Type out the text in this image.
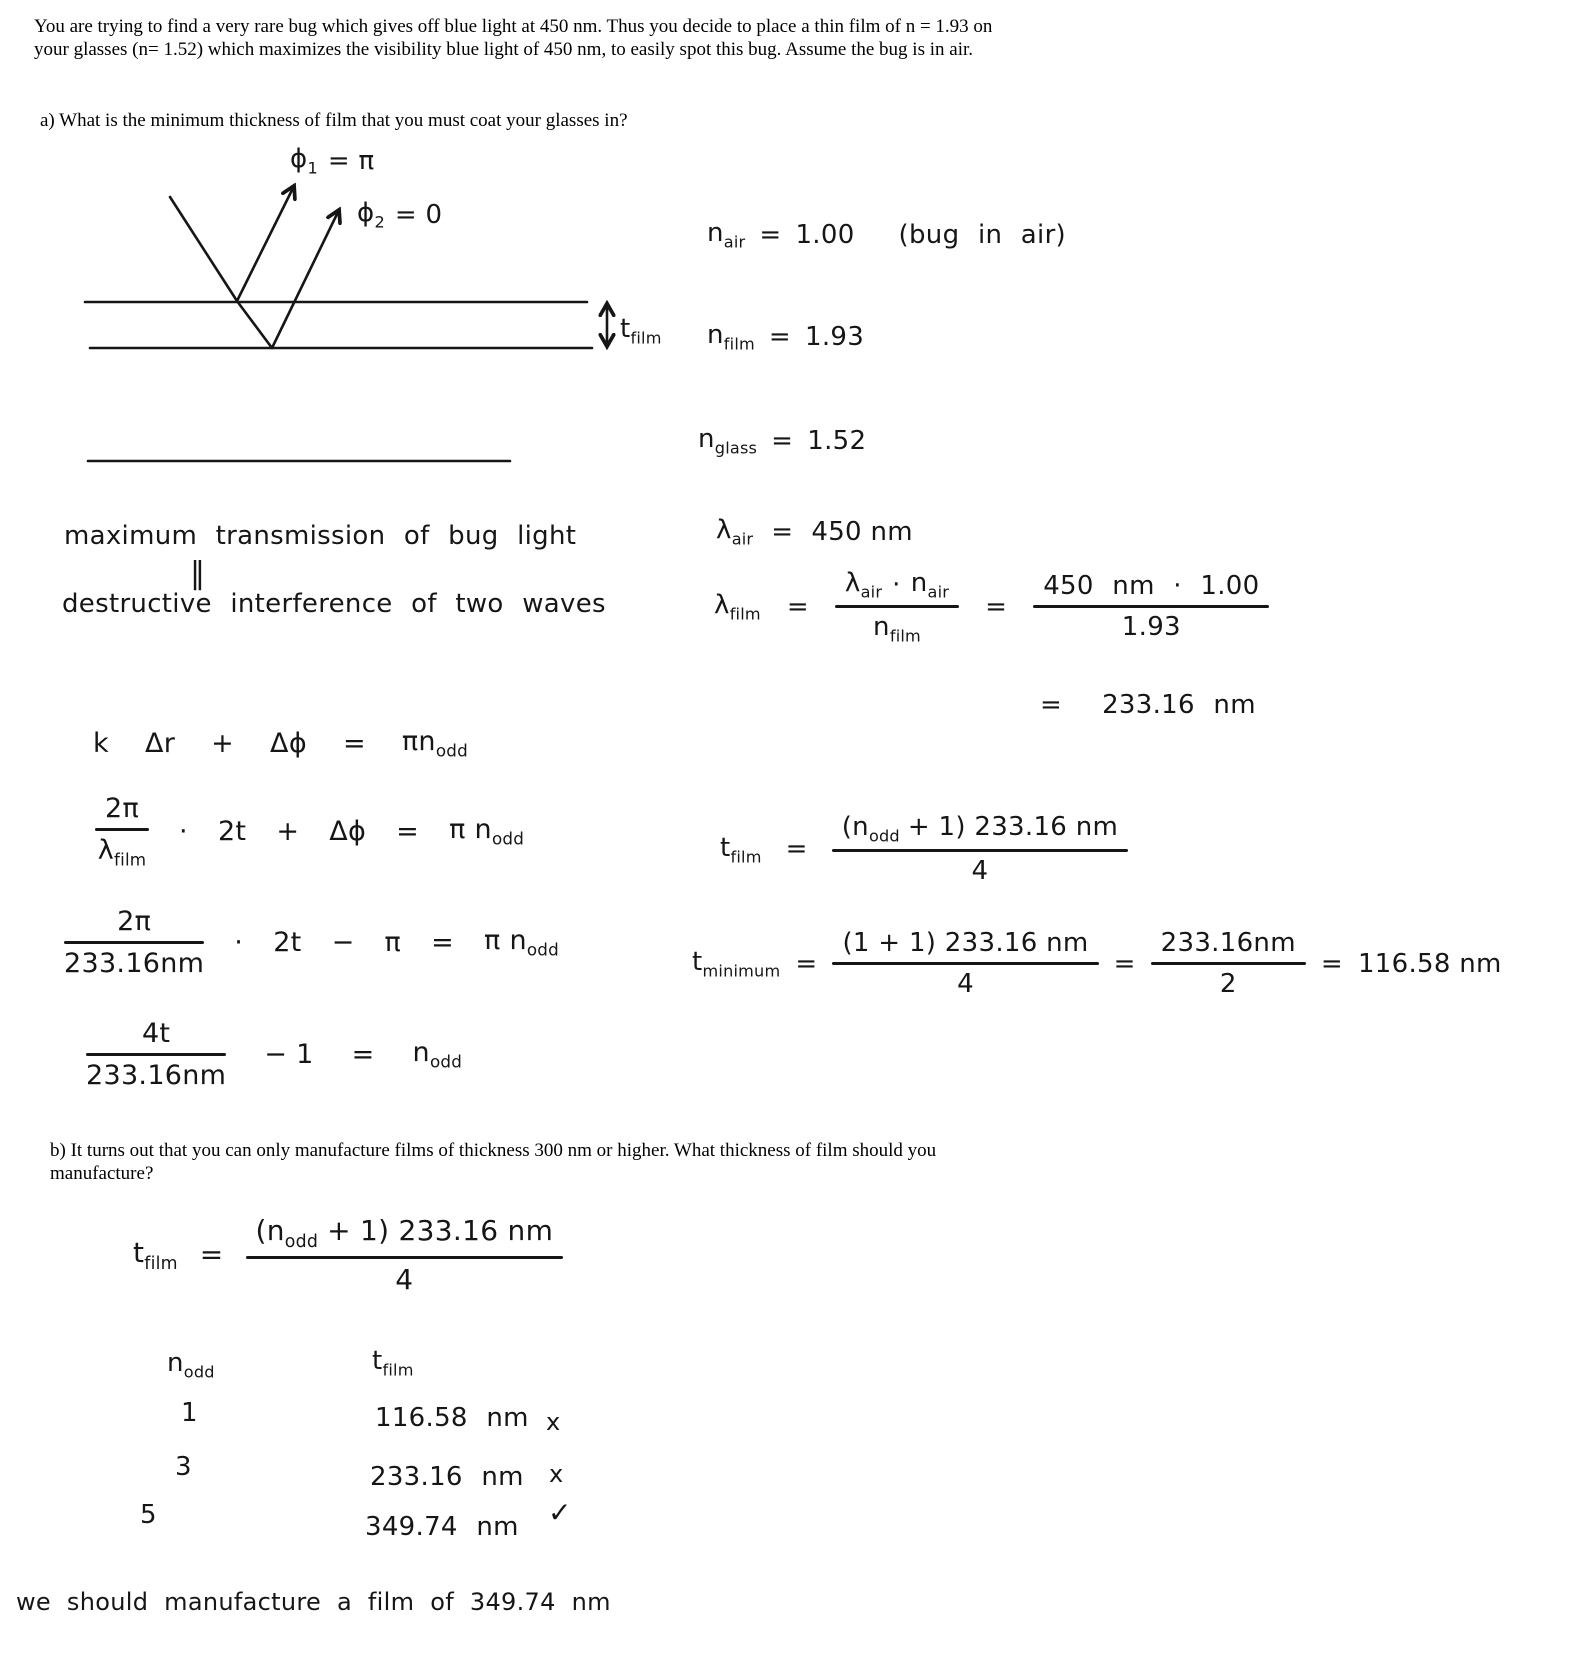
You are trying to find a very rare bug which gives off blue light at 450 nm. Thus you decide to place a thin film of n = 1.93 on your glasses (n= 1.52) which maximizes the visibility blue light of 450 nm, to easily spot this bug. Assume the bug is in air.

a) What is the minimum thickness of film that you must coat your glasses in?

$\phi_1 = \pi$
$\phi_2 = 0$
$t_{film}$
$n_{air} = 1.00$ (bug in air)
$n_{film} = 1.93$
$n_{glass} = 1.52$
maximum transmission of bug light
‖
destructive interference of two waves
$\lambda_{air} = 450$ nm
$\lambda_{film} = \frac{\lambda_{air} \cdot n_{air}}{n_{film}} = \frac{450 nm \cdot 1.00}{1.93}$
= 233.16 nm
k $\Delta r + \Delta\phi = \pi n_{odd}$
$\frac{2\pi}{\lambda_{film}} \cdot 2t + \Delta\phi = \pi$ $n_{odd}$
$\frac{2\pi}{233.16nm} \cdot 2t - \pi = \pi$ $n_{odd}$
$\frac{4t}{233.16nm} - 1 = n_{odd}$
$t_{film} = \frac{(n_{odd} + 1) 233.16 nm}{4}$
$t_{minimum} = \frac{(1 + 1) 233.16 nm}{4} = \frac{233.16nm}{2} = 116.58$ nm

b) It turns out that you can only manufacture films of thickness 300 nm or higher. What thickness of film should you manufacture?

$t_{film} = \frac{(n_{odd} + 1) 233.16 nm}{4}$
$n_{odd}$	$t_{film}$
1	116.58 nm x
3	233.16 nm x
5	349.74 nm ✓
we should manufacture a film of 349.74 nm
